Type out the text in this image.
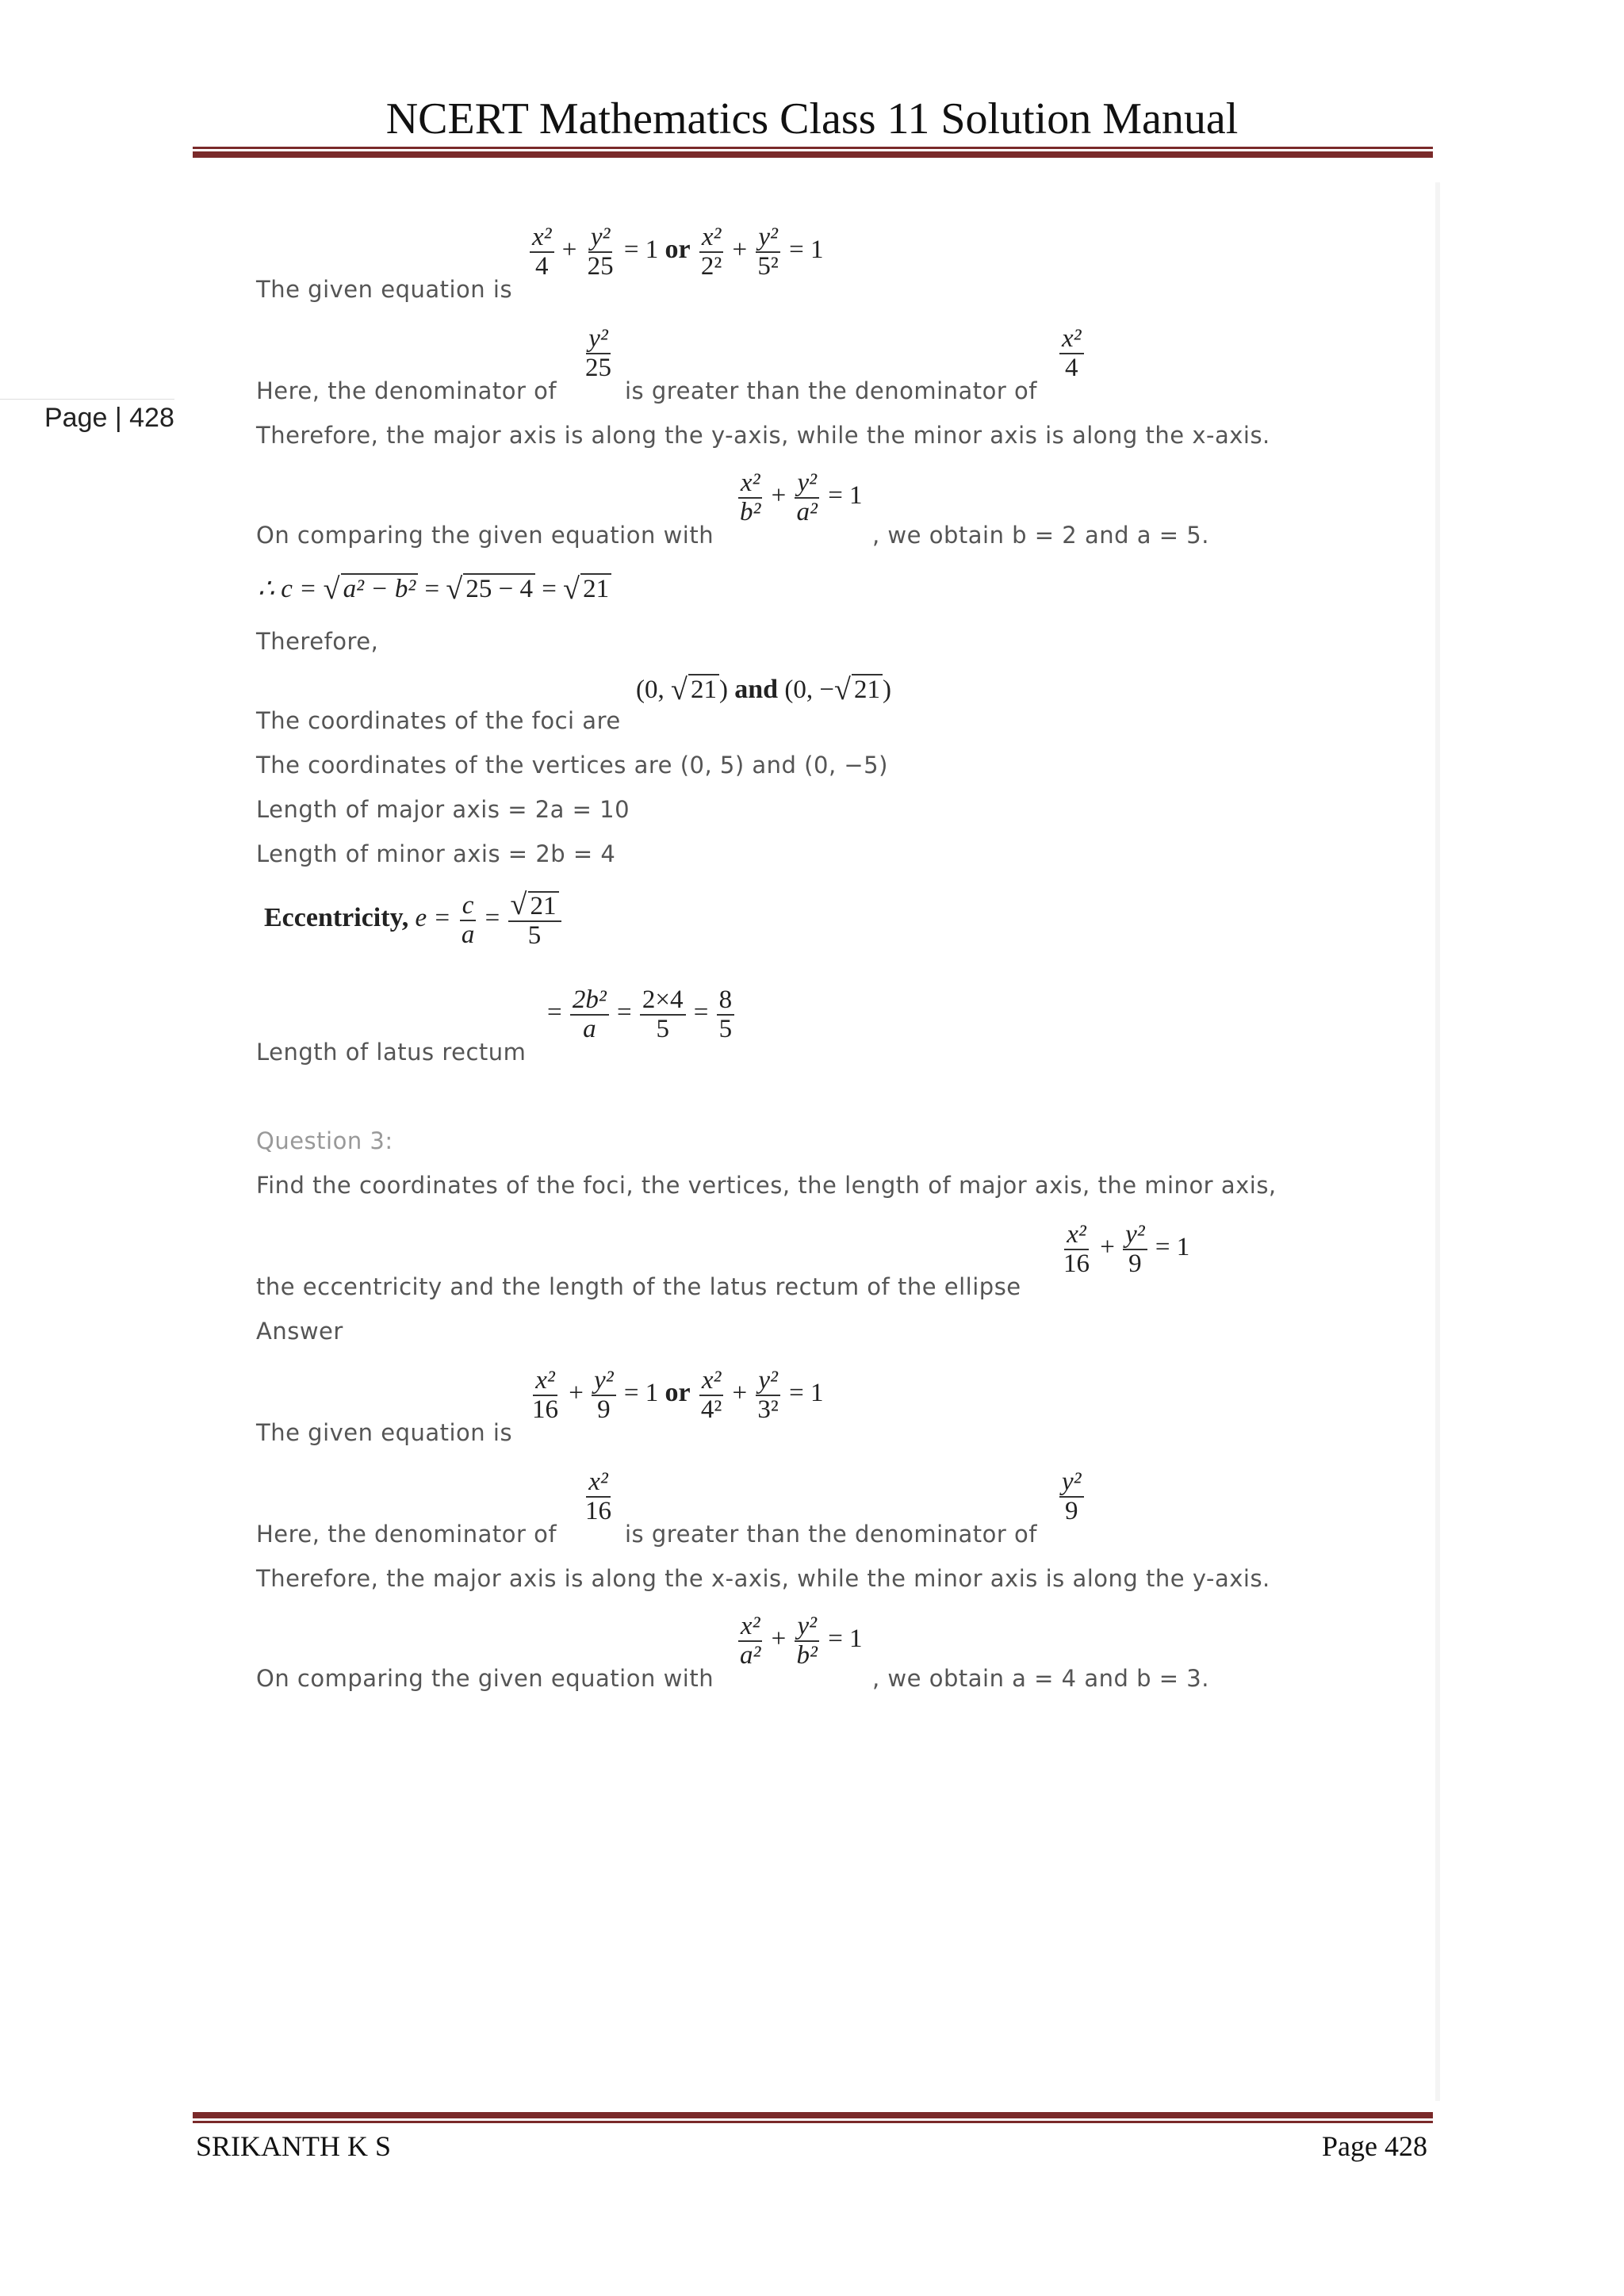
NCERT Mathematics Class 11 Solution Manual
Page | 428
The given equation is
$\frac{\text{x²}}{4} + \frac{\text{y²}}{25} = 1$ or $\frac{\text{x²}}{\text{2²}} + \frac{\text{y²}}{\text{5²}} = 1$
Here, the denominator of
$\frac{\text{y²}}{25}$
is greater than the denominator of
$\frac{\text{x²}}{4}$
Therefore, the major axis is along the y-axis, while the minor axis is along the x-axis.
On comparing the given equation with
$\frac{\text{x²}}{\text{b²}} + \frac{\text{y²}}{\text{a²}} = 1$
, we obtain b = 2 and a = 5.
∴ c = √ a² − b² = √ 25 − 4 = √ 21
Therefore,
The coordinates of the foci are
(0, √ 21) and (0, − √ 21)
The coordinates of the vertices are (0, 5) and (0, −5)
Length of major axis = 2a = 10
Length of minor axis = 2b = 4
Eccentricity, $e = \frac{c}{a}$ = √ $\frac{21}{5}$
Length of latus rectum
= $\frac{\text{2b²}}{a} = \frac{2\times 4}{5} = \frac{8}{5}$
Question 3:
Find the coordinates of the foci, the vertices, the length of major axis, the minor axis,
the eccentricity and the length of the latus rectum of the ellipse
$\frac{\text{x²}}{16} + \frac{\text{y²}}{9} = 1$
Answer
The given equation is
$\frac{\text{x²}}{16} + \frac{\text{y²}}{9} = 1$ or $\frac{\text{x²}}{\text{4²}} + \frac{\text{y²}}{\text{3²}} = 1$
Here, the denominator of
$\frac{\text{x²}}{16}$
is greater than the denominator of
$\frac{\text{y²}}{9}$
Therefore, the major axis is along the x-axis, while the minor axis is along the y-axis.
On comparing the given equation with
$\frac{\text{x²}}{\text{a²}} + \frac{\text{y²}}{\text{b²}} = 1$
, we obtain a = 4 and b = 3.
SRIKANTH K S	Page 428
